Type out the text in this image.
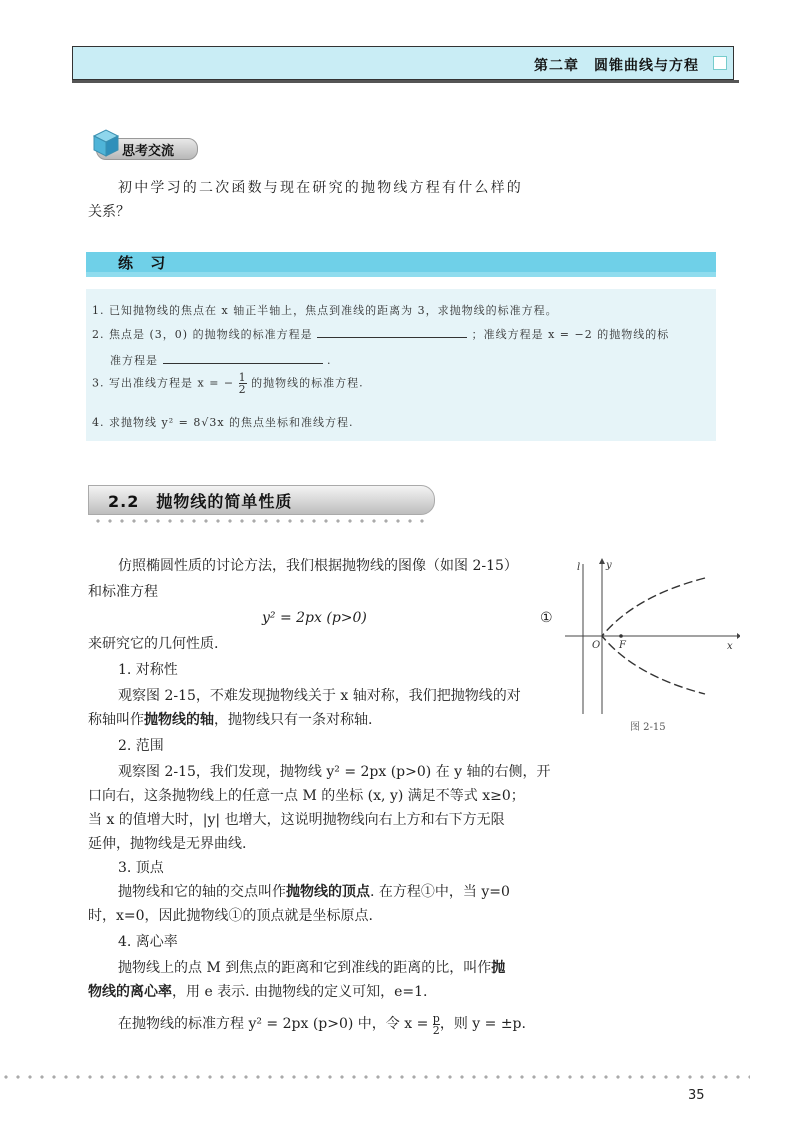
第二章　圆锥曲线与方程
思考交流
初中学习的二次函数与现在研究的抛物线方程有什么样的
关系？
练 习
1. 已知抛物线的焦点在 x 轴正半轴上，焦点到准线的距离为 3，求抛物线的标准方程。
2. 焦点是 (3，0) 的抛物线的标准方程是	；准线方程是 x = −2 的抛物线的标
准方程是	.
3. 写出准线方程是 x = − $\frac{1}{2}$ 的抛物线的标准方程.
4. 求抛物线 y² = 8√3x 的焦点坐标和准线方程.
2.2　抛物线的简单性质
仿照椭圆性质的讨论方法，我们根据抛物线的图像（如图 2-15）
和标准方程
y² = 2px (p>0)	①
来研究它的几何性质.
1. 对称性
观察图 2-15，不难发现抛物线关于 x 轴对称，我们把抛物线的对
称轴叫作抛物线的轴，抛物线只有一条对称轴.
2. 范围
观察图 2-15，我们发现，抛物线 y² = 2px (p>0) 在 y 轴的右侧，开
口向右，这条抛物线上的任意一点 M 的坐标 (x, y) 满足不等式 x≥0；
当 x 的值增大时，|y| 也增大，这说明抛物线向右上方和右下方无限
延伸，抛物线是无界曲线.
3. 顶点
抛物线和它的轴的交点叫作抛物线的顶点. 在方程①中，当 y=0
时，x=0，因此抛物线①的顶点就是坐标原点.
4. 离心率
抛物线上的点 M 到焦点的距离和它到准线的距离的比，叫作抛
物线的离心率，用 e 表示. 由抛物线的定义可知，e=1.
在抛物线的标准方程 y² = 2px (p>0) 中，令 $x = \frac{p}{2}$ ，则 y = ±p.
y
x
l
O F
图 2-15
35
